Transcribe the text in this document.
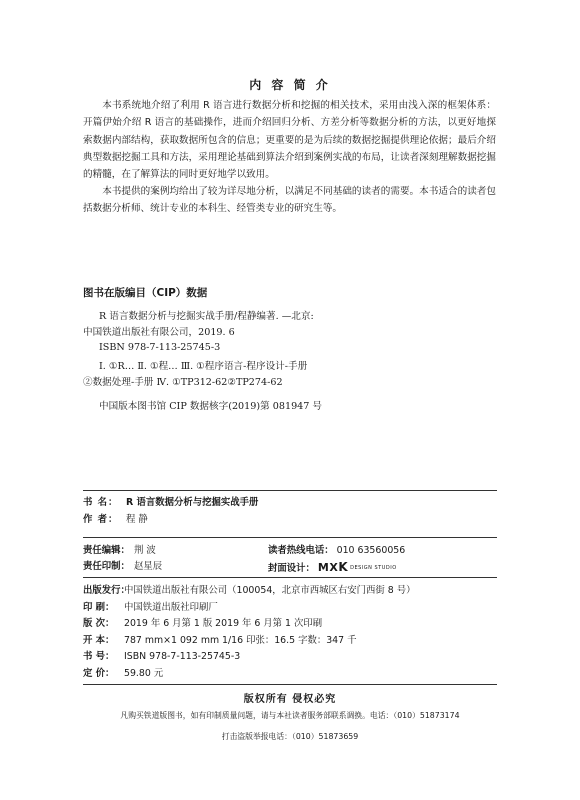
内 容 简 介

本书系统地介绍了利用 R 语言进行数据分析和挖掘的相关技术，采用由浅入深的框架体系：开篇伊始介绍 R 语言的基础操作，进而介绍回归分析、方差分析等数据分析的方法，以更好地探索数据内部结构，获取数据所包含的信息；更重要的是为后续的数据挖掘提供理论依据；最后介绍典型数据挖掘工具和方法，采用理论基础到算法介绍到案例实战的布局，让读者深刻理解数据挖掘的精髓，在了解算法的同时更好地学以致用。

本书提供的案例均给出了较为详尽地分析，以满足不同基础的读者的需要。本书适合的读者包括数据分析师、统计专业的本科生、经管类专业的研究生等。

图书在版编目（CIP）数据
R 语言数据分析与挖掘实战手册/程静编著. —北京:
中国铁道出版社有限公司，2019. 6
ISBN 978-7-113-25745-3
Ⅰ. ①R… Ⅱ. ①程… Ⅲ. ①程序语言-程序设计-手册
②数据处理-手册 Ⅳ. ①TP312-62②TP274-62
中国版本图书馆 CIP 数据核字(2019)第 081947 号
书 名： R 语言数据分析与挖掘实战手册
作 者： 程 静
责任编辑： 荆 波
责任印制： 赵星辰
读者热线电话： 010 63560056
封面设计： MXK DESIGN STUDIO
出版发行：中国铁道出版社有限公司（100054，北京市西城区右安门西街 8 号）
印 刷： 中国铁道出版社印刷厂
版 次： 2019 年 6 月第 1 版 2019 年 6 月第 1 次印刷
开 本： 787 mm×1 092 mm 1/16 印张：16.5 字数：347 千
书 号： ISBN 978-7-113-25745-3
定 价： 59.80 元
版权所有 侵权必究
凡购买铁道版图书，如有印制质量问题，请与本社读者服务部联系调换。电话：（010）51873174
打击盗版举报电话：（010）51873659
